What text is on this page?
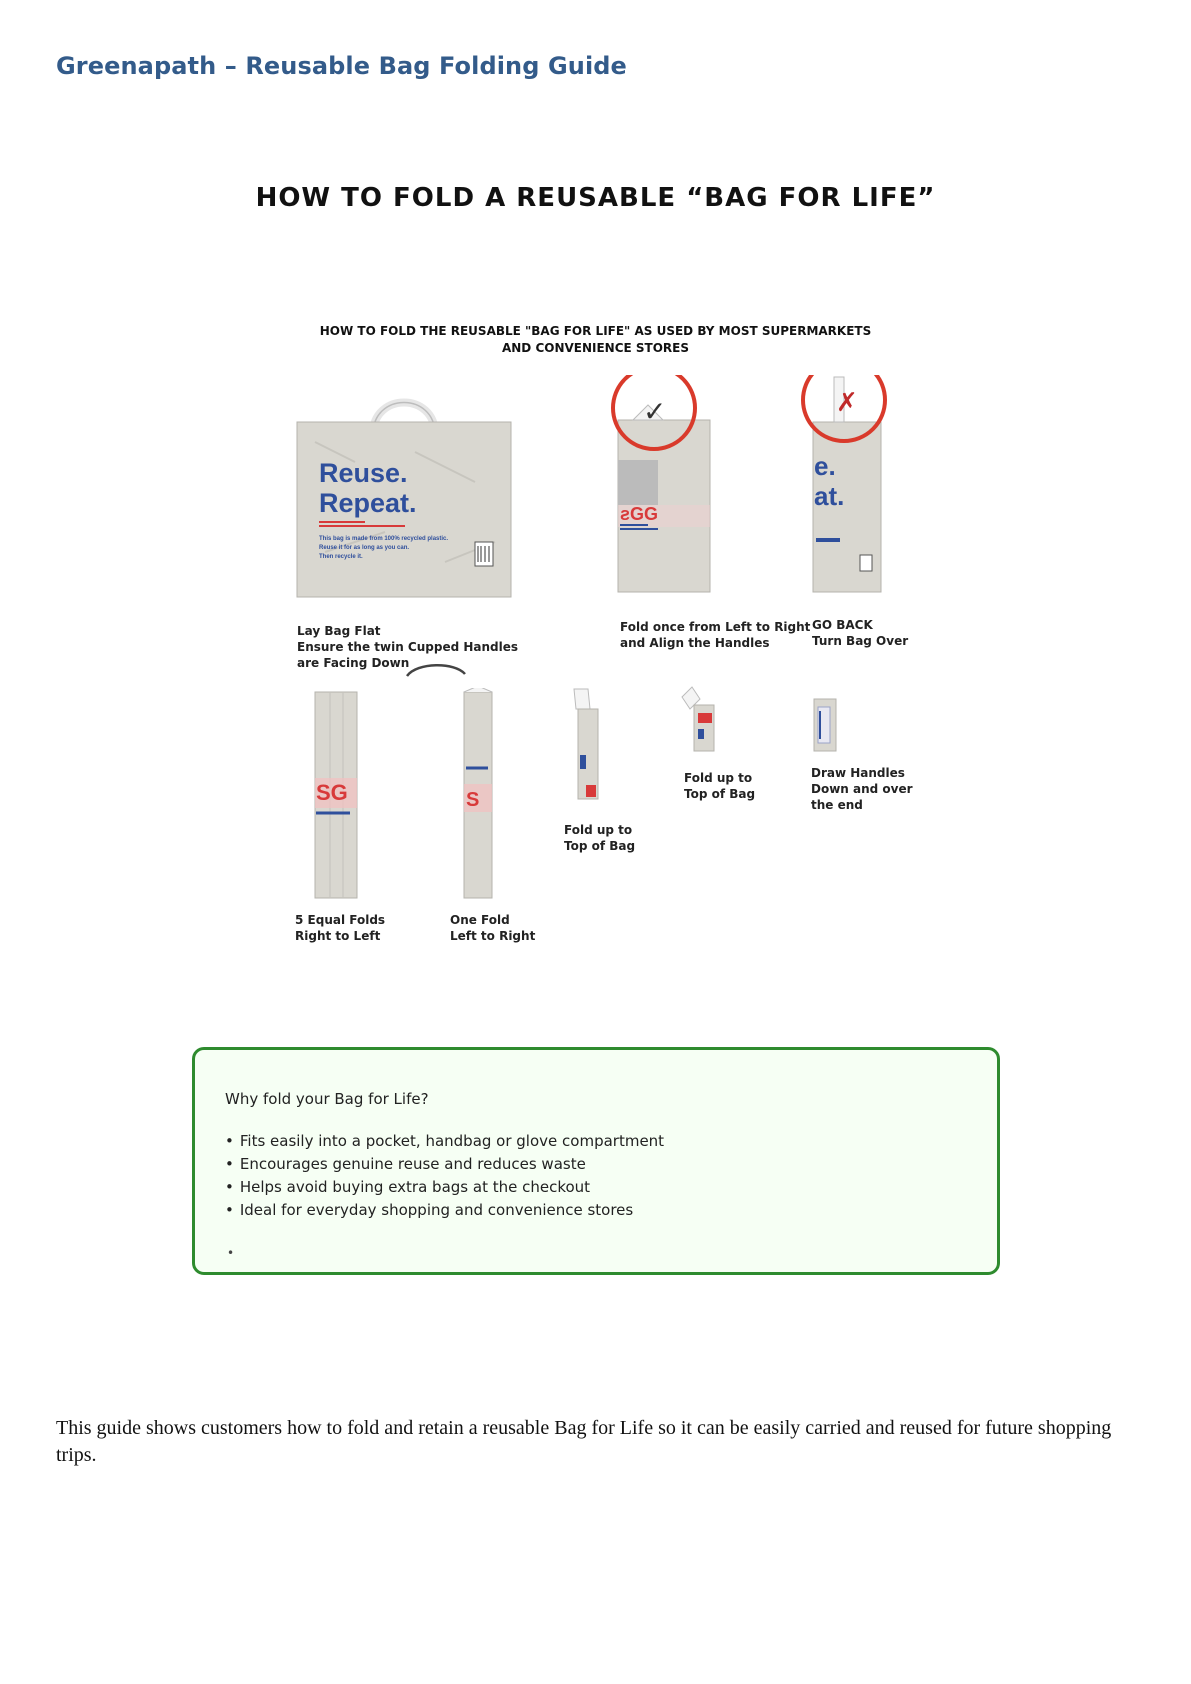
Greenapath – Reusable Bag Folding Guide
HOW TO FOLD A REUSABLE “BAG FOR LIFE”
HOW TO FOLD THE REUSABLE "BAG FOR LIFE" AS USED BY MOST SUPERMARKETS
AND CONVENIENCE STORES
Reuse.
Repeat.
This bag is made from 100% recycled plastic.
Reuse it for as long as you can.
Then recycle it.
Lay Bag Flat
Ensure the twin Cupped Handles
are Facing Down
ƨGG
✓
Fold once from Left to Right
and Align the Handles
e.
at.
✗
GO BACK
Turn Bag Over
SG
5 Equal Folds
Right to Left
S
One Fold
Left to Right
Fold up to
Top of Bag
Fold up to
Top of Bag
Draw Handles
Down and over
the end
Why fold your Bag for Life?
• Fits easily into a pocket, handbag or glove compartment
• Encourages genuine reuse and reduces waste
• Helps avoid buying extra bags at the checkout
• Ideal for everyday shopping and convenience stores
•
This guide shows customers how to fold and retain a reusable Bag for Life so it can be easily carried and reused for future shopping trips.
